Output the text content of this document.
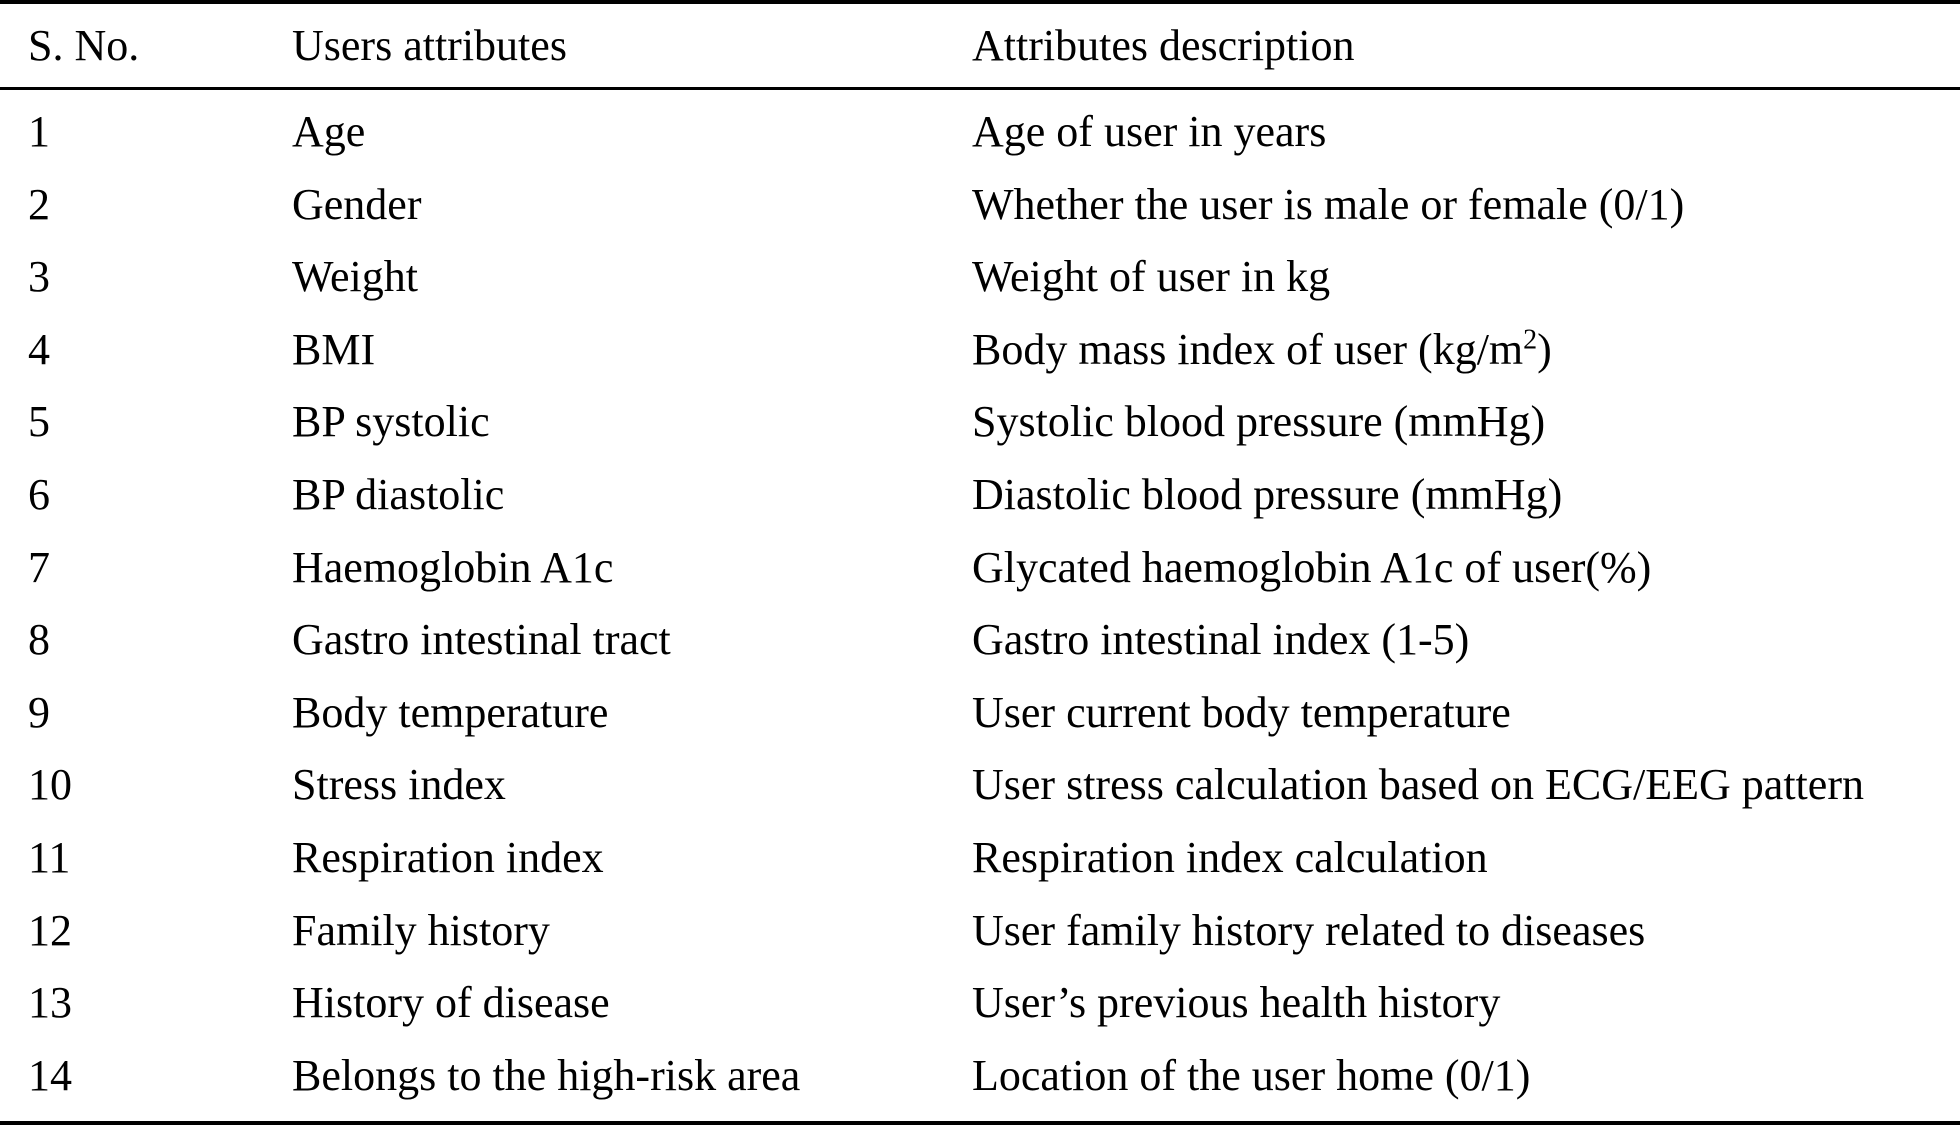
S. No.	Users attributes	Attributes description
1	Age	Age of user in years
2	Gender	Whether the user is male or female (0/1)
3	Weight	Weight of user in kg
4	BMI	Body mass index of user $(kg/m^2)$
5	BP systolic	Systolic blood pressure (mmHg)
6	BP diastolic	Diastolic blood pressure (mmHg)
7	Haemoglobin A1c	Glycated haemoglobin A1c of user(%)
8	Gastro intestinal tract	Gastro intestinal index (1-5)
9	Body temperature	User current body temperature
10	Stress index	User stress calculation based on ECG/EEG pattern
11	Respiration index	Respiration index calculation
12	Family history	User family history related to diseases
13	History of disease	User’s previous health history
14	Belongs to the high-risk area	Location of the user home (0/1)
